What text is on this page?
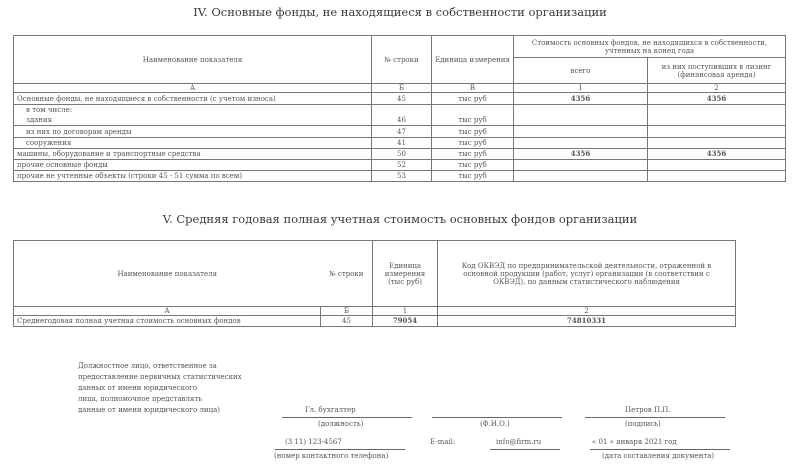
IV. Основные фонды, не находящиеся в собственности организации
Наименование показателя	№ строки	Единица измерения	Стоимость основных фондов, не находящихся в собственности, учтенных на конец года	
			всего	из них поступивших в лизинг (финансовая аренда)
А	Б	В	1	2
Основные фонды, не находящиеся в собственности (с учетом износа)	45	тыс руб	4356	4356
в том числе:				
здания	46	тыс руб		
из них по договорам аренды	47	тыс руб		
сооружения	41	тыс руб		
машины, оборудование и транспортные средства	50	тыс руб	4356	4356
прочие основные фонды	52	тыс руб		
прочие не учтенные объекты (строки 45 - 51 сумма по всем)	53	тыс руб		
V. Средняя годовая полная учетная стоимость основных фондов организации
Наименование показателя	№ строки	Единица измерения (тыс руб)	Код ОКВЭД по предпринимательской деятельности, отраженной в основной продукции (работ, услуг) организации (в соответствии с ОКВЭД), по данным статистического наблюдения
А	Б	1	2
Среднегодовая полная учетная стоимость основных фондов	45	79054	74810331
Должностное лицо, ответственное за
предоставление первичных статистических
данных от имени юридического
лица, полномочное представлять
данные от имени юридического лица)	Гл. бухгалтер
(должность)	(Ф.И.О.)
Петров П.П.
(подпись)
(3 11) 123-4567
(номер контактного телефона)
E-mail:	info@firm.ru	« 01 » января 2021 год
(дата составления документа)
